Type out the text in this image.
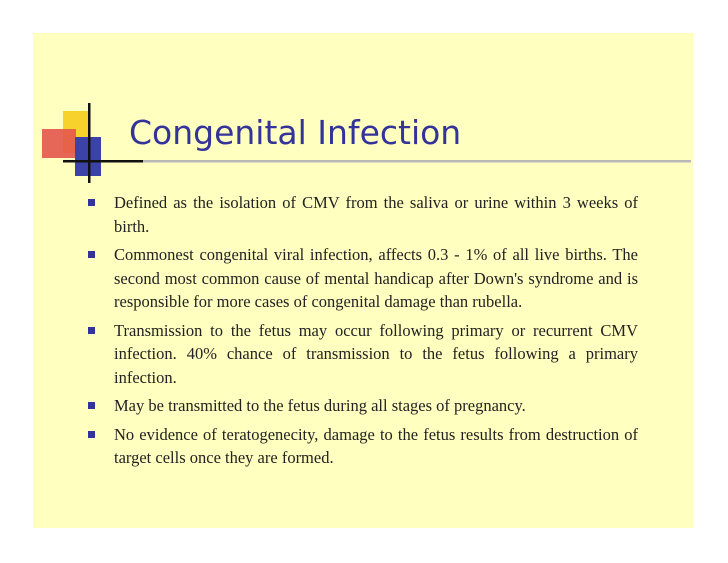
Congenital Infection
Defined as the isolation of CMV from the saliva or urine within 3 weeks of birth.
Commonest congenital viral infection, affects 0.3 - 1% of all live births. The second most common cause of mental handicap after Down's syndrome and is responsible for more cases of congenital damage than rubella.
Transmission to the fetus may occur following primary or recurrent CMV infection. 40% chance of transmission to the fetus following a primary infection.
May be transmitted to the fetus during all stages of pregnancy.
No evidence of teratogenecity, damage to the fetus results from destruction of target cells once they are formed.
